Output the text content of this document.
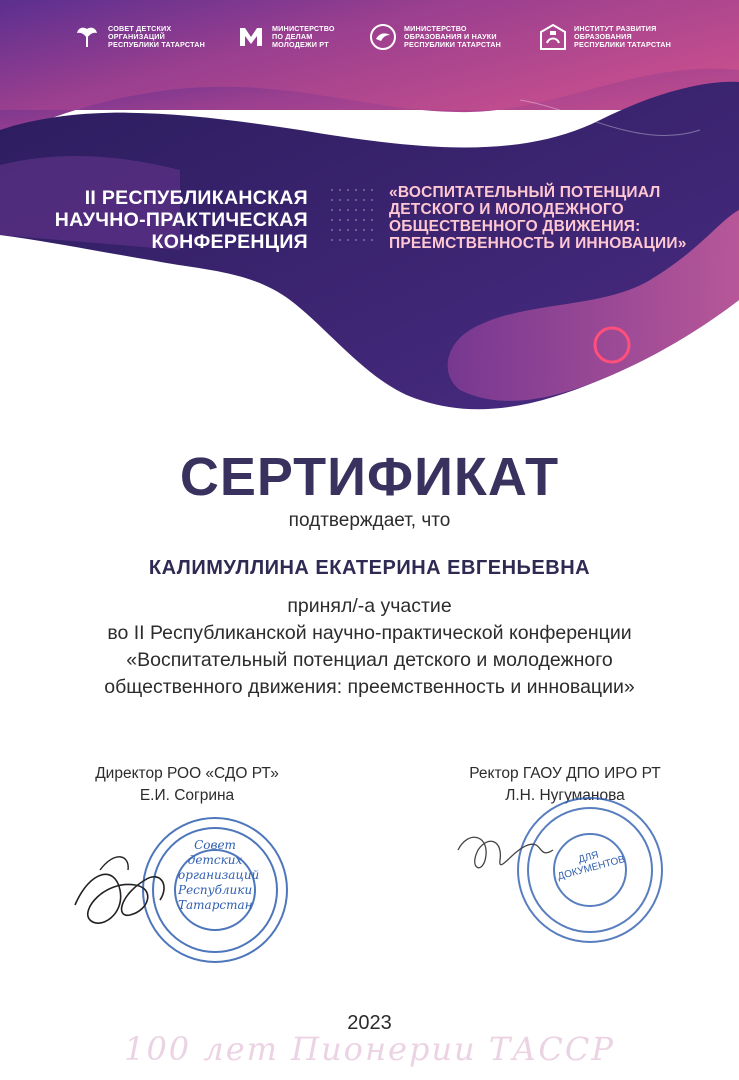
СОВЕТ ДЕТСКИХ
ОРГАНИЗАЦИЙ
РЕСПУБЛИКИ ТАТАРСТАН
МИНИСТЕРСТВО
ПО ДЕЛАМ
МОЛОДЕЖИ РТ
МИНИСТЕРСТВО
ОБРАЗОВАНИЯ И НАУКИ
РЕСПУБЛИКИ ТАТАРСТАН
ИНСТИТУТ РАЗВИТИЯ
ОБРАЗОВАНИЯ
РЕСПУБЛИКИ ТАТАРСТАН
II РЕСПУБЛИКАНСКАЯ
НАУЧНО-ПРАКТИЧЕСКАЯ
КОНФЕРЕНЦИЯ
«ВОСПИТАТЕЛЬНЫЙ ПОТЕНЦИАЛ
ДЕТСКОГО И МОЛОДЕЖНОГО
ОБЩЕСТВЕННОГО ДВИЖЕНИЯ:
ПРЕЕМСТВЕННОСТЬ И ИННОВАЦИИ»
СЕРТИФИКАТ
подтверждает, что
КАЛИМУЛЛИНА ЕКАТЕРИНА ЕВГЕНЬЕВНА
принял/-а участие
во II Республиканской научно-практической конференции
«Воспитательный потенциал детского и молодежного
общественного движения: преемственность и инновации»
Директор РОО «СДО РТ»
Е.И. Согрина
Ректор ГАОУ ДПО ИРО РТ
Л.Н. Нугуманова
Совет детских организаций Республики Татарстан
ДЛЯ ДОКУМЕНТОВ
2023
100 лет Пионерии ТАССР
